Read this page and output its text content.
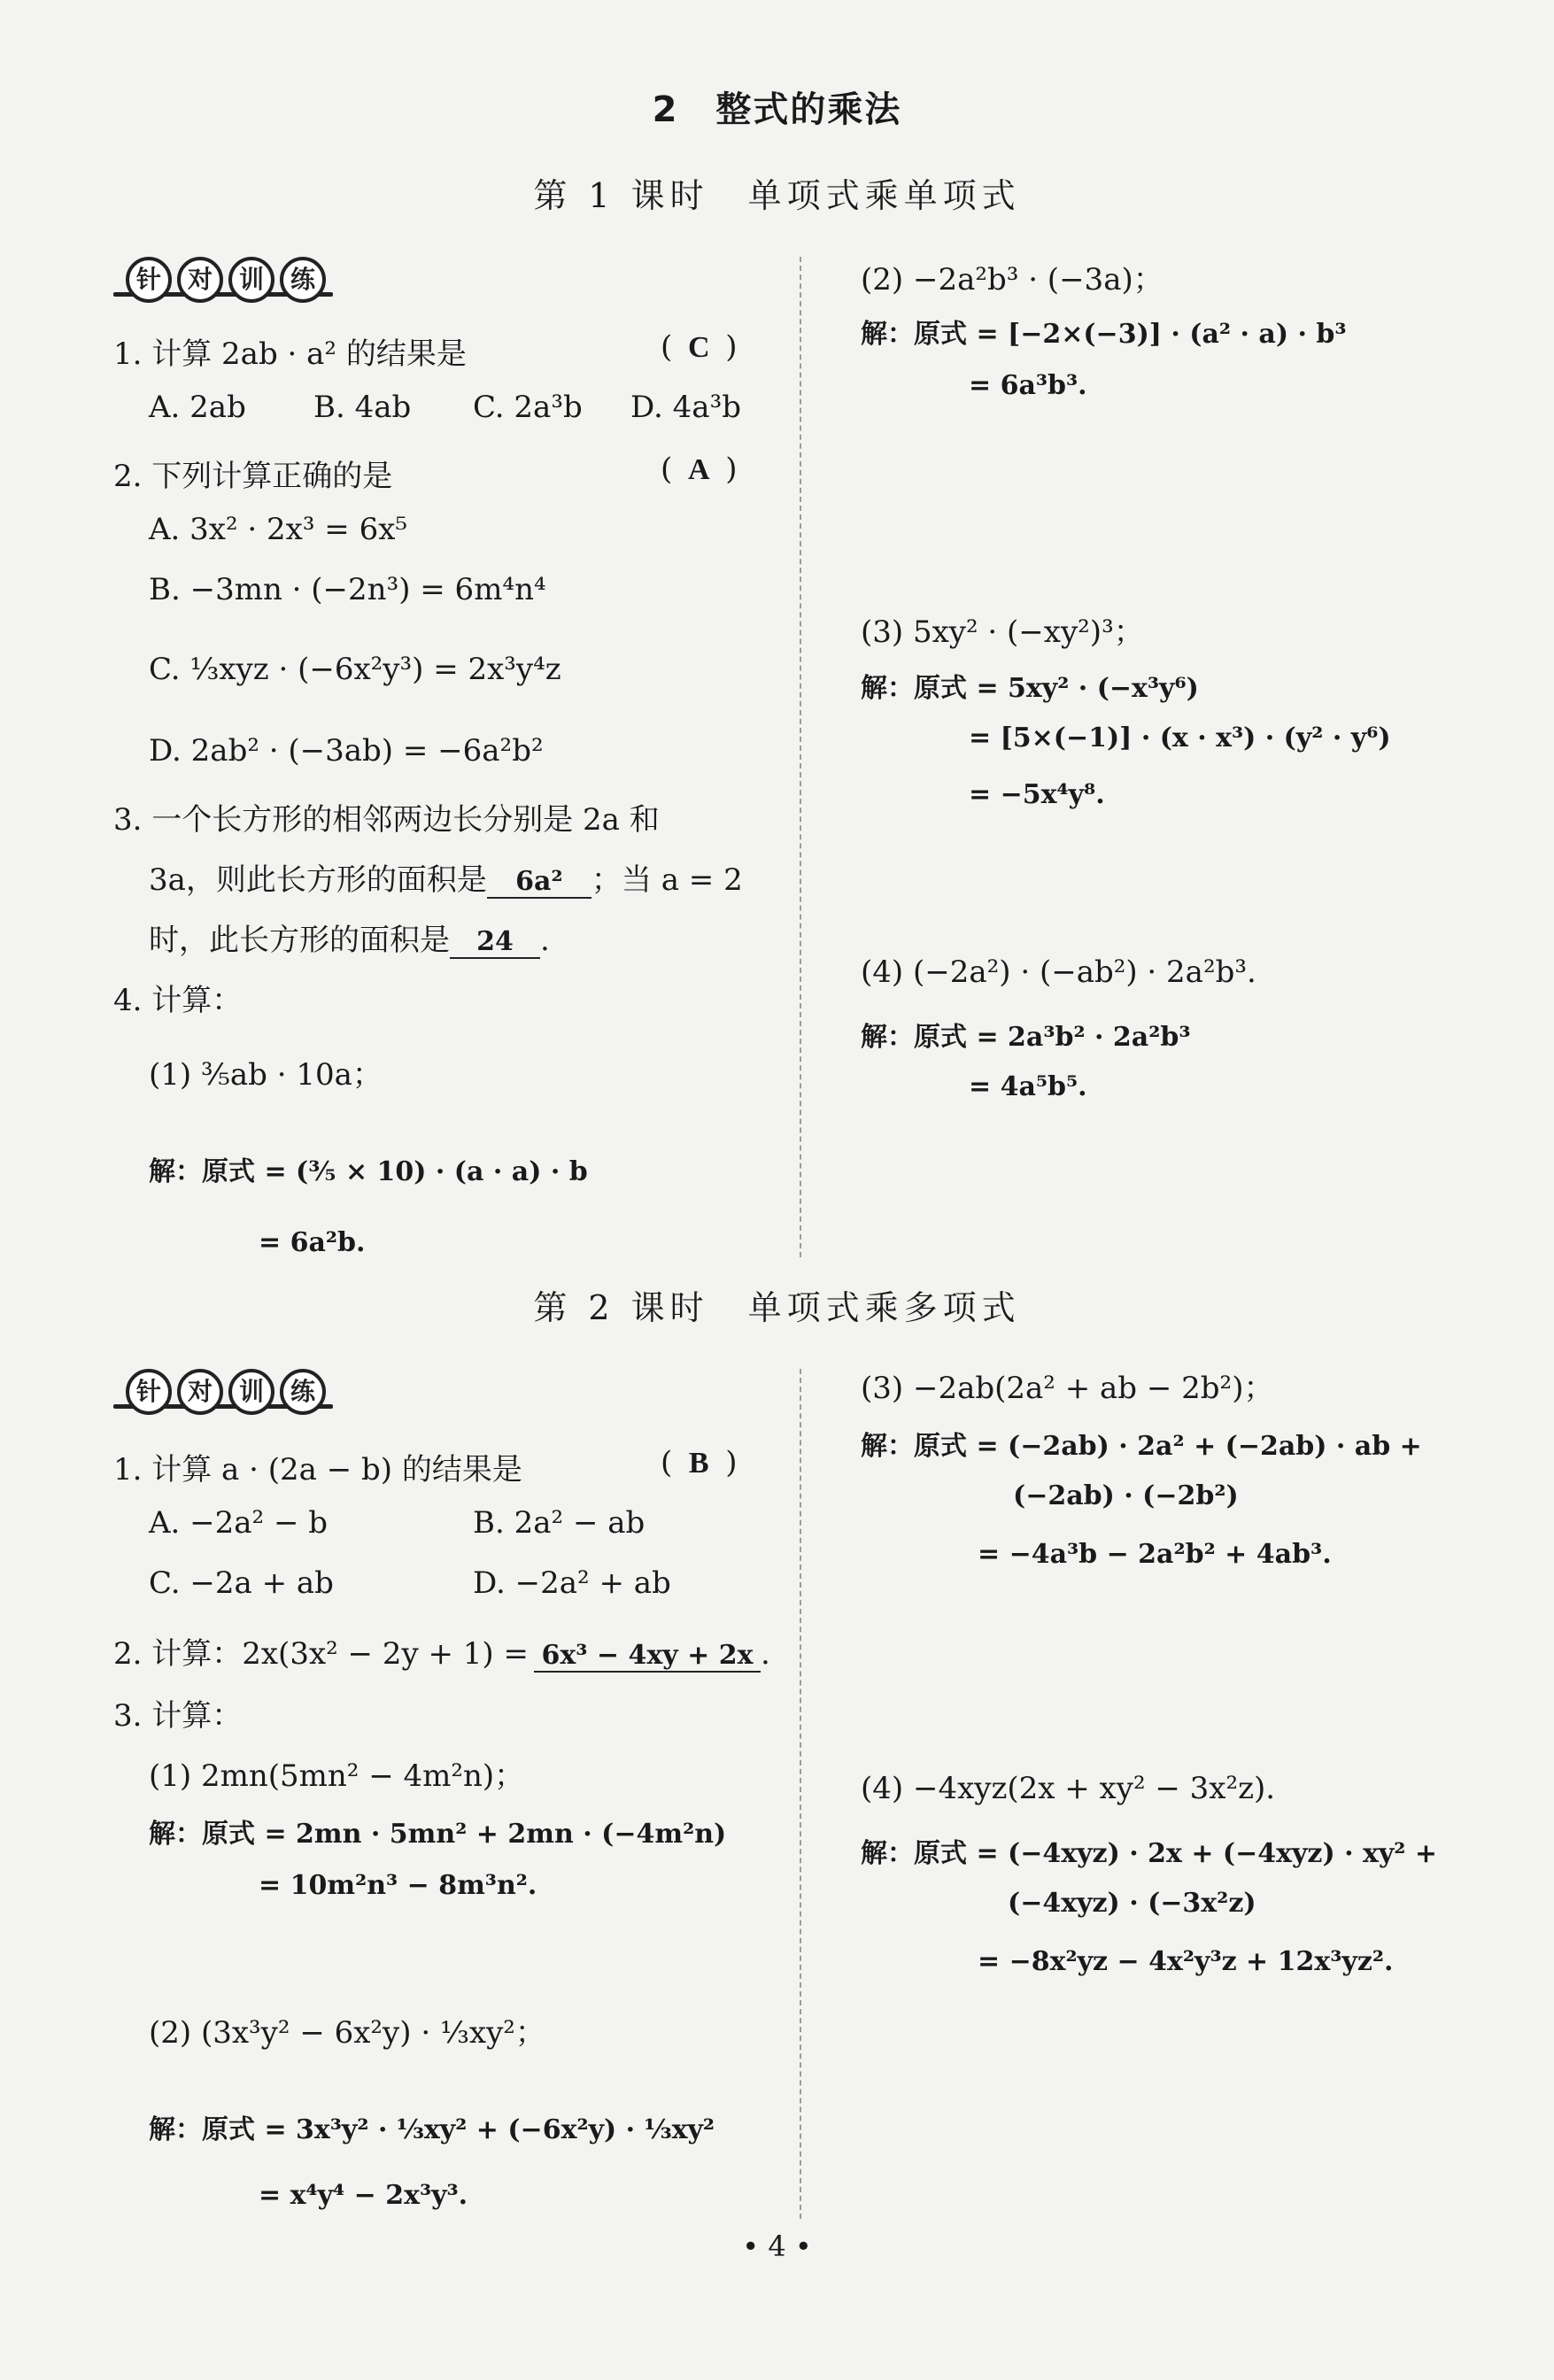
2　整式的乘法
第 1 课时　单项式乘单项式
针	对	训	练
1. 计算 2ab · a² 的结果是	( C )
A. 2ab B. 4ab C. 2a³b D. 4a³b
2. 下列计算正确的是	( A )
A. 3x² · 2x³ = 6x⁵
B. −3mn · (−2n³) = 6m⁴n⁴
C. ⅓xyz · (−6x²y³) = 2x³y⁴z
D. 2ab² · (−3ab) = −6a²b²
3. 一个长方形的相邻两边长分别是 2a 和
3a，则此长方形的面积是 6a² ；当 a = 2
时，此长方形的面积是 24 .
4. 计算：
(1) ³⁄₅ab · 10a；
解：原式 = (³⁄₅ × 10) · (a · a) · b
= 6a²b.
(2) −2a²b³ · (−3a)；
解：原式 = [−2×(−3)] · (a² · a) · b³
= 6a³b³.
(3) 5xy² · (−xy²)³；
解：原式 = 5xy² · (−x³y⁶)
= [5×(−1)] · (x · x³) · (y² · y⁶)
= −5x⁴y⁸.
(4) (−2a²) · (−ab²) · 2a²b³.
解：原式 = 2a³b² · 2a²b³
= 4a⁵b⁵.
第 2 课时　单项式乘多项式
针	对	训	练
1. 计算 a · (2a − b) 的结果是	( B )
A. −2a² − b	B. 2a² − ab
C. −2a + ab	D. −2a² + ab
2. 计算：2x(3x² − 2y + 1) = 6x³ − 4xy + 2x .
3. 计算：
(1) 2mn(5mn² − 4m²n)；
解：原式 = 2mn · 5mn² + 2mn · (−4m²n)
= 10m²n³ − 8m³n².
(2) (3x³y² − 6x²y) · ⅓xy²；
解：原式 = 3x³y² · ⅓xy² + (−6x²y) · ⅓xy²
= x⁴y⁴ − 2x³y³.
(3) −2ab(2a² + ab − 2b²)；
解：原式 = (−2ab) · 2a² + (−2ab) · ab +
(−2ab) · (−2b²)
= −4a³b − 2a²b² + 4ab³.
(4) −4xyz(2x + xy² − 3x²z).
解：原式 = (−4xyz) · 2x + (−4xyz) · xy² +
(−4xyz) · (−3x²z)
= −8x²yz − 4x²y³z + 12x³yz².
• 4 •
